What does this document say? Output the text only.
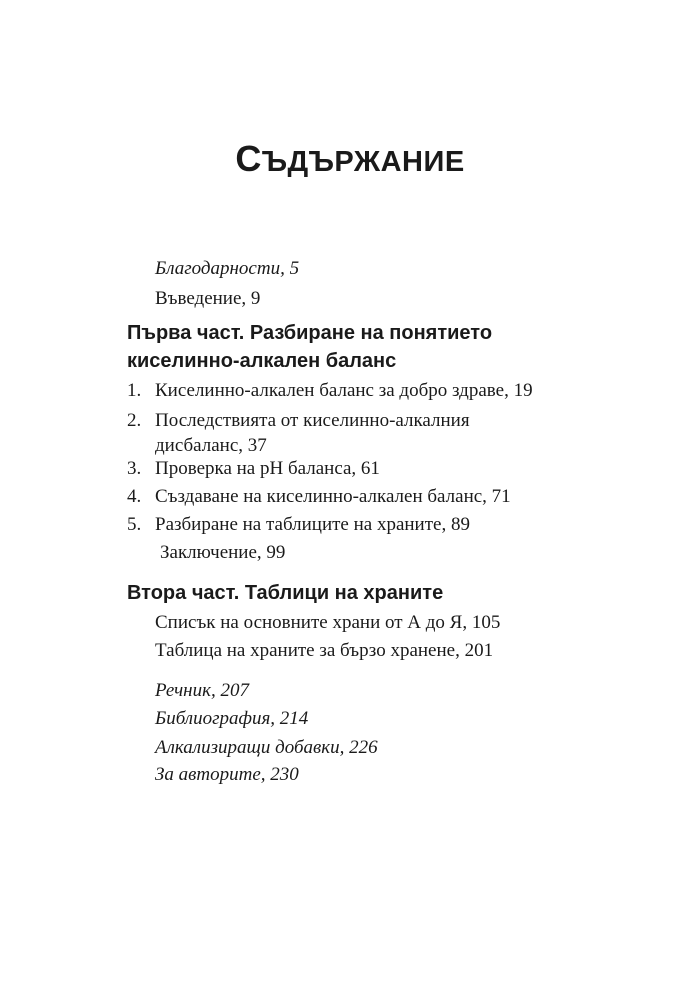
СЪДЪРЖАНИЕ
Благодарности, 5
Въведение, 9
Първа част. Разбиране на понятието
киселинно-алкален баланс
1. Киселинно-алкален баланс за добро здраве, 19
2. Последствията от киселинно-алкалния
дисбаланс, 37
3. Проверка на pH баланса, 61
4. Създаване на киселинно-алкален баланс, 71
5. Разбиране на таблиците на храните, 89
Заключение, 99
Втора част. Таблици на храните
Списък на основните храни от А до Я, 105
Таблица на храните за бързо хранене, 201
Речник, 207
Библиография, 214
Алкализиращи добавки, 226
За авторите, 230
